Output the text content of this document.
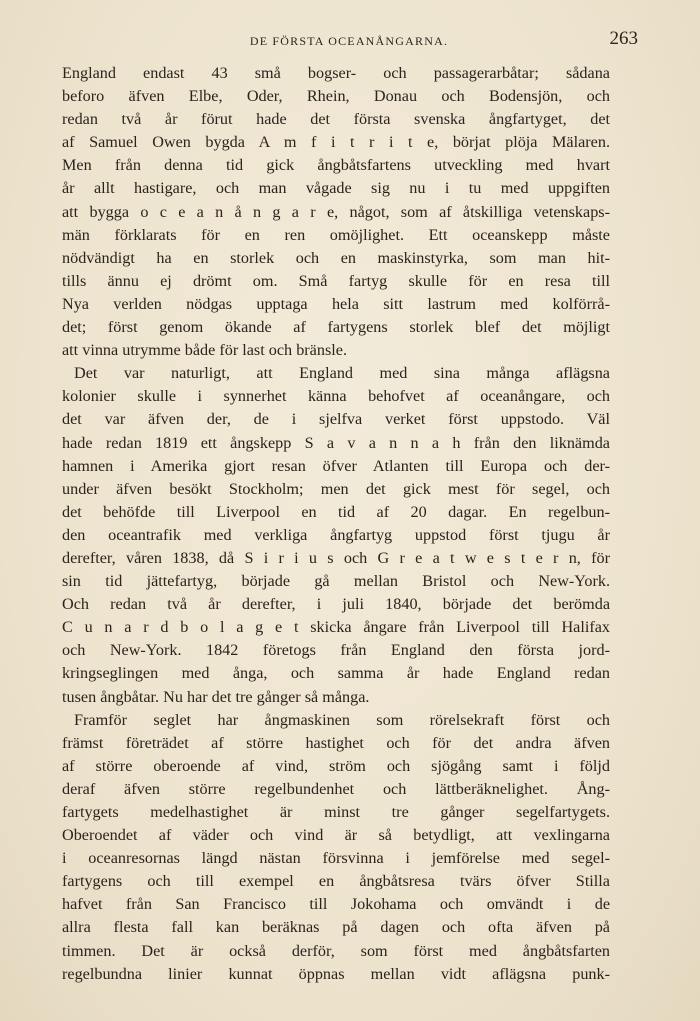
DE FÖRSTA OCEANÅNGARNA.	263
England endast 43 små bogser- och passagerarbåtar; sådana
beforo äfven Elbe, Oder, Rhein, Donau och Bodensjön, och
redan två år förut hade det första svenska ångfartyget, det
af Samuel Owen bygda A m f i t r i t e, börjat plöja Mälaren.
Men från denna tid gick ångbåtsfartens utveckling med hvart
år allt hastigare, och man vågade sig nu i tu med uppgiften
att bygga o c e a n å n g a r e, något, som af åtskilliga vetenskaps-
män förklarats för en ren omöjlighet. Ett oceanskepp måste
nödvändigt ha en storlek och en maskinstyrka, som man hit-
tills ännu ej drömt om. Små fartyg skulle för en resa till
Nya verlden nödgas upptaga hela sitt lastrum med kolförrå-
det; först genom ökande af fartygens storlek blef det möjligt
att vinna utrymme både för last och bränsle.
Det var naturligt, att England med sina många aflägsna
kolonier skulle i synnerhet känna behofvet af oceanångare, och
det var äfven der, de i sjelfva verket först uppstodo. Väl
hade redan 1819 ett ångskepp S a v a n n a h från den liknämda
hamnen i Amerika gjort resan öfver Atlanten till Europa och der-
under äfven besökt Stockholm; men det gick mest för segel, och
det behöfde till Liverpool en tid af 20 dagar. En regelbun-
den oceantrafik med verkliga ångfartyg uppstod först tjugu år
derefter, våren 1838, då S i r i u s och G r e a t w e s t e r n, för
sin tid jättefartyg, började gå mellan Bristol och New-York.
Och redan två år derefter, i juli 1840, började det berömda
C u n a r d b o l a g e t skicka ångare från Liverpool till Halifax
och New-York. 1842 företogs från England den första jord-
kringseglingen med ånga, och samma år hade England redan
tusen ångbåtar. Nu har det tre gånger så många.
Framför seglet har ångmaskinen som rörelsekraft först och
främst företrädet af större hastighet och för det andra äfven
af större oberoende af vind, ström och sjögång samt i följd
deraf äfven större regelbundenhet och lättberäknelighet. Ång-
fartygets medelhastighet är minst tre gånger segelfartygets.
Oberoendet af väder och vind är så betydligt, att vexlingarna
i oceanresornas längd nästan försvinna i jemförelse med segel-
fartygens och till exempel en ångbåtsresa tvärs öfver Stilla
hafvet från San Francisco till Jokohama och omvändt i de
allra flesta fall kan beräknas på dagen och ofta äfven på
timmen. Det är också derför, som först med ångbåtsfarten
regelbundna linier kunnat öppnas mellan vidt aflägsna punk-
